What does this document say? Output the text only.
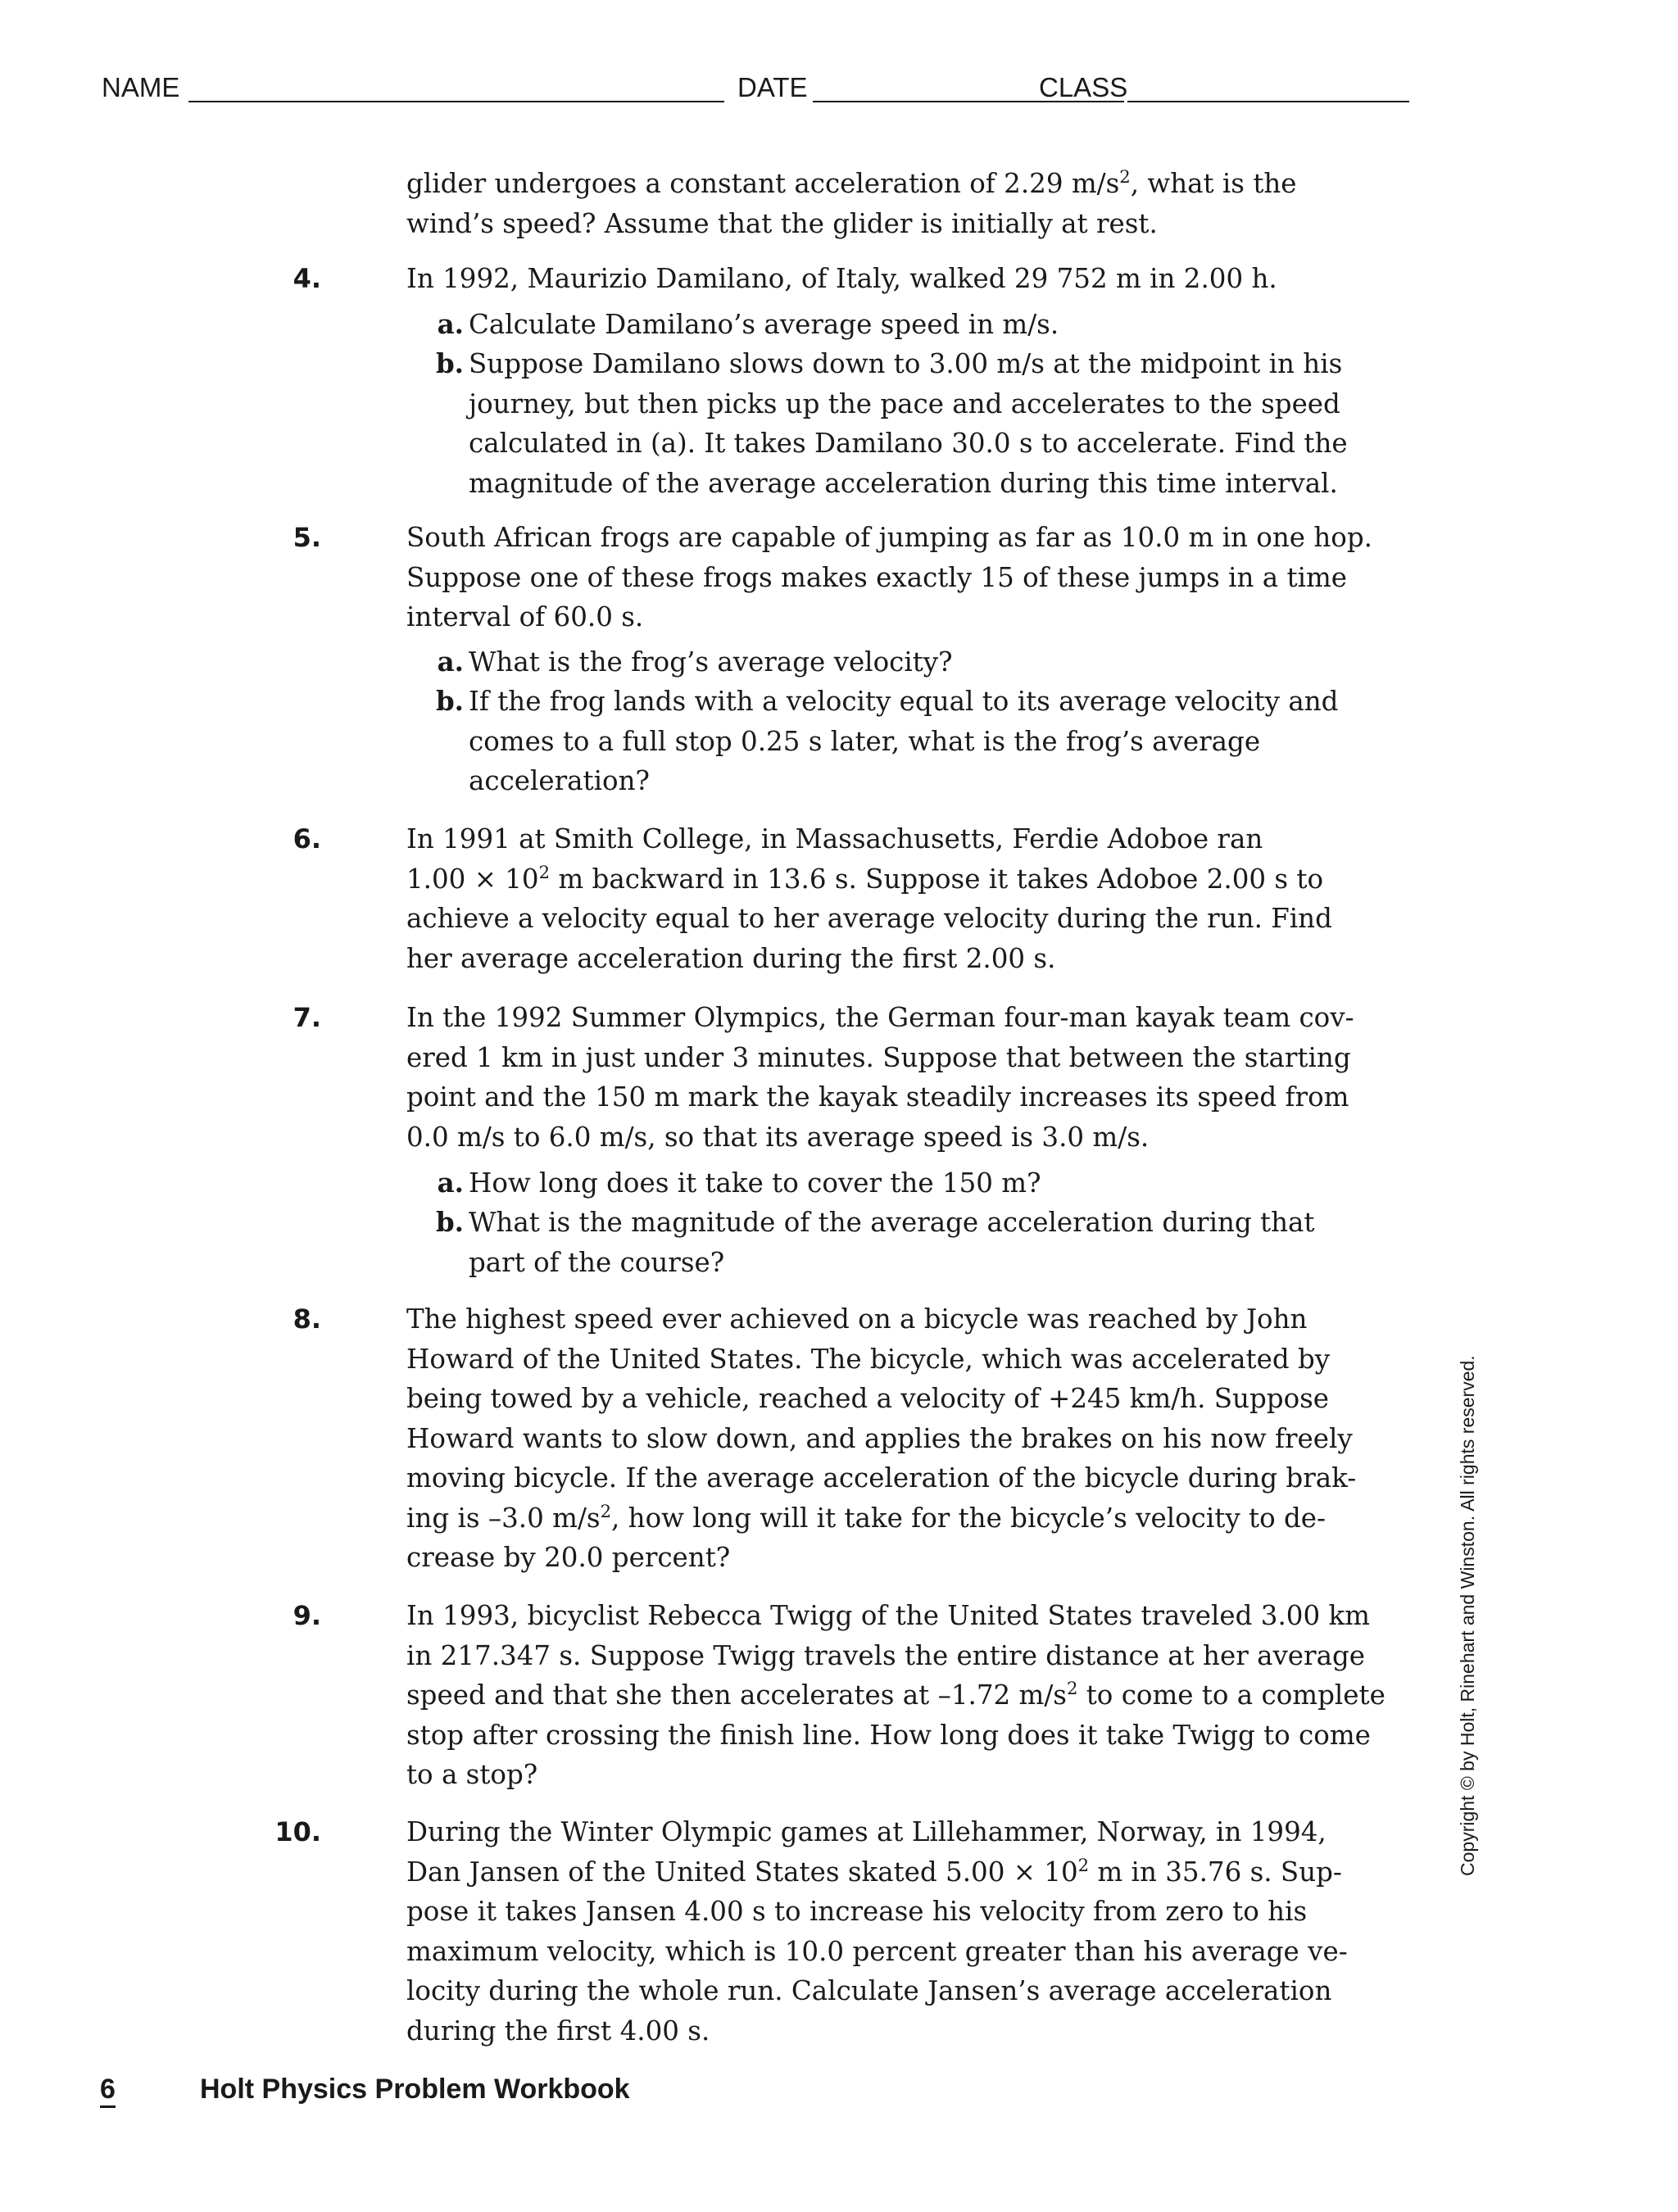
NAME	DATE	CLASS
glider undergoes a constant acceleration of 2.29 $m/s^2$, what is the
wind’s speed? Assume that the glider is initially at rest.
4.	In 1992, Maurizio Damilano, of Italy, walked 29 752 m in 2.00 h.
a. Calculate Damilano’s average speed in m/s.
b. Suppose Damilano slows down to 3.00 m/s at the midpoint in his
journey, but then picks up the pace and accelerates to the speed
calculated in (a). It takes Damilano 30.0 s to accelerate. Find the
magnitude of the average acceleration during this time interval.
5.	South African frogs are capable of jumping as far as 10.0 m in one hop.
Suppose one of these frogs makes exactly 15 of these jumps in a time
interval of 60.0 s.
a. What is the frog’s average velocity?
b. If the frog lands with a velocity equal to its average velocity and
comes to a full stop 0.25 s later, what is the frog’s average
acceleration?
6.	In 1991 at Smith College, in Massachusetts, Ferdie Adoboe ran
$1.00 \times 10^2$ m backward in 13.6 s. Suppose it takes Adoboe 2.00 s to
achieve a velocity equal to her average velocity during the run. Find
her average acceleration during the first 2.00 s.
7.	In the 1992 Summer Olympics, the German four-man kayak team cov-
ered 1 km in just under 3 minutes. Suppose that between the starting
point and the 150 m mark the kayak steadily increases its speed from
0.0 m/s to 6.0 m/s, so that its average speed is 3.0 m/s.
a. How long does it take to cover the 150 m?
b. What is the magnitude of the average acceleration during that
part of the course?
8.	The highest speed ever achieved on a bicycle was reached by John
Howard of the United States. The bicycle, which was accelerated by
being towed by a vehicle, reached a velocity of +245 km/h. Suppose
Howard wants to slow down, and applies the brakes on his now freely
moving bicycle. If the average acceleration of the bicycle during brak-
ing is –3.0 $m/s^2$, how long will it take for the bicycle’s velocity to de-
crease by 20.0 percent?
9.	In 1993, bicyclist Rebecca Twigg of the United States traveled 3.00 km
in 217.347 s. Suppose Twigg travels the entire distance at her average
speed and that she then accelerates at –1.72 $m/s^2$ to come to a complete
stop after crossing the finish line. How long does it take Twigg to come
to a stop?
10.	During the Winter Olympic games at Lillehammer, Norway, in 1994,
Dan Jansen of the United States skated $5.00 \times 10^2$ m in 35.76 s. Sup-
pose it takes Jansen 4.00 s to increase his velocity from zero to his
maximum velocity, which is 10.0 percent greater than his average ve-
locity during the whole run. Calculate Jansen’s average acceleration
during the first 4.00 s.
Copyright © by Holt, Rinehart and Winston. All rights reserved.
6	Holt Physics Problem Workbook
